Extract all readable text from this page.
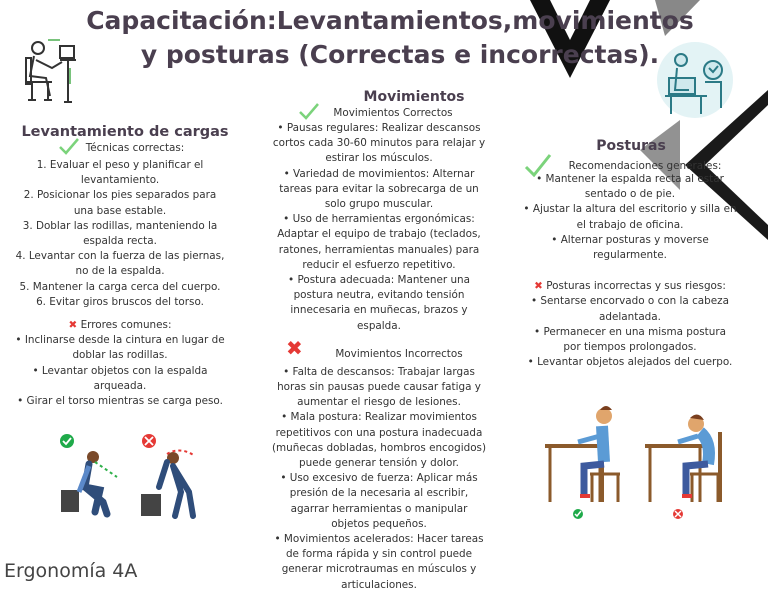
Capacitación:Levantamientos,movimientos
y posturas (Correctas e incorrectas).
Levantamiento de cargas
Técnicas correctas:
1. Evaluar el peso y planificar el
levantamiento.
2. Posicionar los pies separados para
una base estable.
3. Doblar las rodillas, manteniendo la
espalda recta.
4. Levantar con la fuerza de las piernas,
no de la espalda.
5. Mantener la carga cerca del cuerpo.
6. Evitar giros bruscos del torso.
✖ Errores comunes:
• Inclinarse desde la cintura en lugar de
doblar las rodillas.
• Levantar objetos con la espalda
arqueada.
• Girar el torso mientras se carga peso.
Movimientos
Movimientos Correctos
• Pausas regulares: Realizar descansos
cortos cada 30-60 minutos para relajar y
estirar los músculos.
• Variedad de movimientos: Alternar
tareas para evitar la sobrecarga de un
solo grupo muscular.
• Uso de herramientas ergonómicas:
Adaptar el equipo de trabajo (teclados,
ratones, herramientas manuales) para
reducir el esfuerzo repetitivo.
• Postura adecuada: Mantener una
postura neutra, evitando tensión
innecesaria en muñecas, brazos y
espalda.
✖	Movimientos Incorrectos
• Falta de descansos: Trabajar largas
horas sin pausas puede causar fatiga y
aumentar el riesgo de lesiones.
• Mala postura: Realizar movimientos
repetitivos con una postura inadecuada
(muñecas dobladas, hombros encogidos)
puede generar tensión y dolor.
• Uso excesivo de fuerza: Aplicar más
presión de la necesaria al escribir,
agarrar herramientas o manipular
objetos pequeños.
• Movimientos acelerados: Hacer tareas
de forma rápida y sin control puede
generar microtraumas en músculos y
articulaciones.
Posturas
Recomendaciones generales:
• Mantener la espalda recta al estar
sentado o de pie.
• Ajustar la altura del escritorio y silla en
el trabajo de oficina.
• Alternar posturas y moverse
regularmente.
✖ Posturas incorrectas y sus riesgos:
• Sentarse encorvado o con la cabeza
adelantada.
• Permanecer en una misma postura
por tiempos prolongados.
• Levantar objetos alejados del cuerpo.
Ergonomía 4A
